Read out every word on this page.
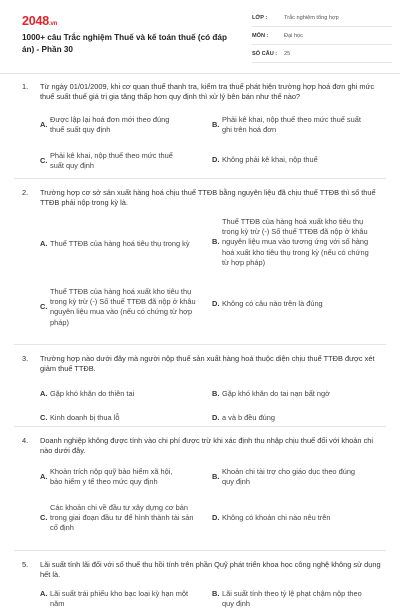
2048.vn
1000+ câu Trắc nghiệm Thuế và kế toán thuế (có đáp án) - Phần 30
LỚP :	Trắc nghiệm tổng hợp
MÔN :	Đại học
SỐ CÂU :	25
1.	Từ ngày 01/01/2009, khi cơ quan thuế thanh tra, kiểm tra thuế phát hiện trường hợp hoá đơn ghi mức thuế suất thuế giá trị gia tăng thấp hơn quy định thì xử lý bên bán như thế nào?
A.
Được lập lại hoá đơn mới theo đúng thuế suất quy định
B.
Phải kê khai, nộp thuế theo mức thuế suất ghi trên hoá đơn
C.
Phải kê khai, nộp thuế theo mức thuế suất quy định
D. Không phải kê khai, nộp thuế
2.	Trường hợp cơ sở sản xuất hàng hoá chịu thuế TTĐB bằng nguyên liệu đã chịu thuế TTĐB thì số thuế TTĐB phải nộp trong kỳ là.
A. Thuế TTĐB của hàng hoá tiêu thụ trong kỳ	B.
Thuế TTĐB của hàng hoá xuất kho tiêu thụ trong kỳ trừ (-) Số thuế TTĐB đã nộp ở khâu nguyên liệu mua vào tương ứng với số hàng hoá xuất kho tiêu thụ trong kỳ (nếu có chứng từ hợp pháp)
C.
Thuế TTĐB của hàng hoá xuất kho tiêu thụ trong kỳ trừ (-) Số thuế TTĐB đã nộp ở khâu nguyên liệu mua vào (nếu có chứng từ hợp pháp)
D. Không có câu nào trên là đúng
3.	Trường hợp nào dưới đây mà người nộp thuế sản xuất hàng hoá thuộc diện chịu thuế TTĐB được xét giảm thuế TTĐB.
A. Gặp khó khăn do thiên tai	B. Gặp khó khăn do tai nạn bất ngờ
C. Kinh doanh bị thua lỗ	D. a và b đều đúng
4.	Doanh nghiệp không được tính vào chi phí được trừ khi xác định thu nhập chịu thuế đối với khoản chi nào dưới đây.
A.
Khoản trích nộp quỹ bảo hiểm xã hội, bảo hiểm y tế theo mức quy định
B.
Khoản chi tài trợ cho giáo dục theo đúng quy định
C.
Các khoản chi về đầu tư xây dựng cơ bản trong giai đoạn đầu tư để hình thành tài sản cố định
D. Không có khoản chi nào nêu trên
5.	Lãi suất tính lãi đối với số thuế thu hồi tính trên phần Quỹ phát triển khoa học công nghệ không sử dụng hết là.
A. Lãi suất trái phiếu kho bạc loại kỳ hạn một năm
B. Lãi suất tính theo tỷ lệ phạt chậm nộp theo quy định
